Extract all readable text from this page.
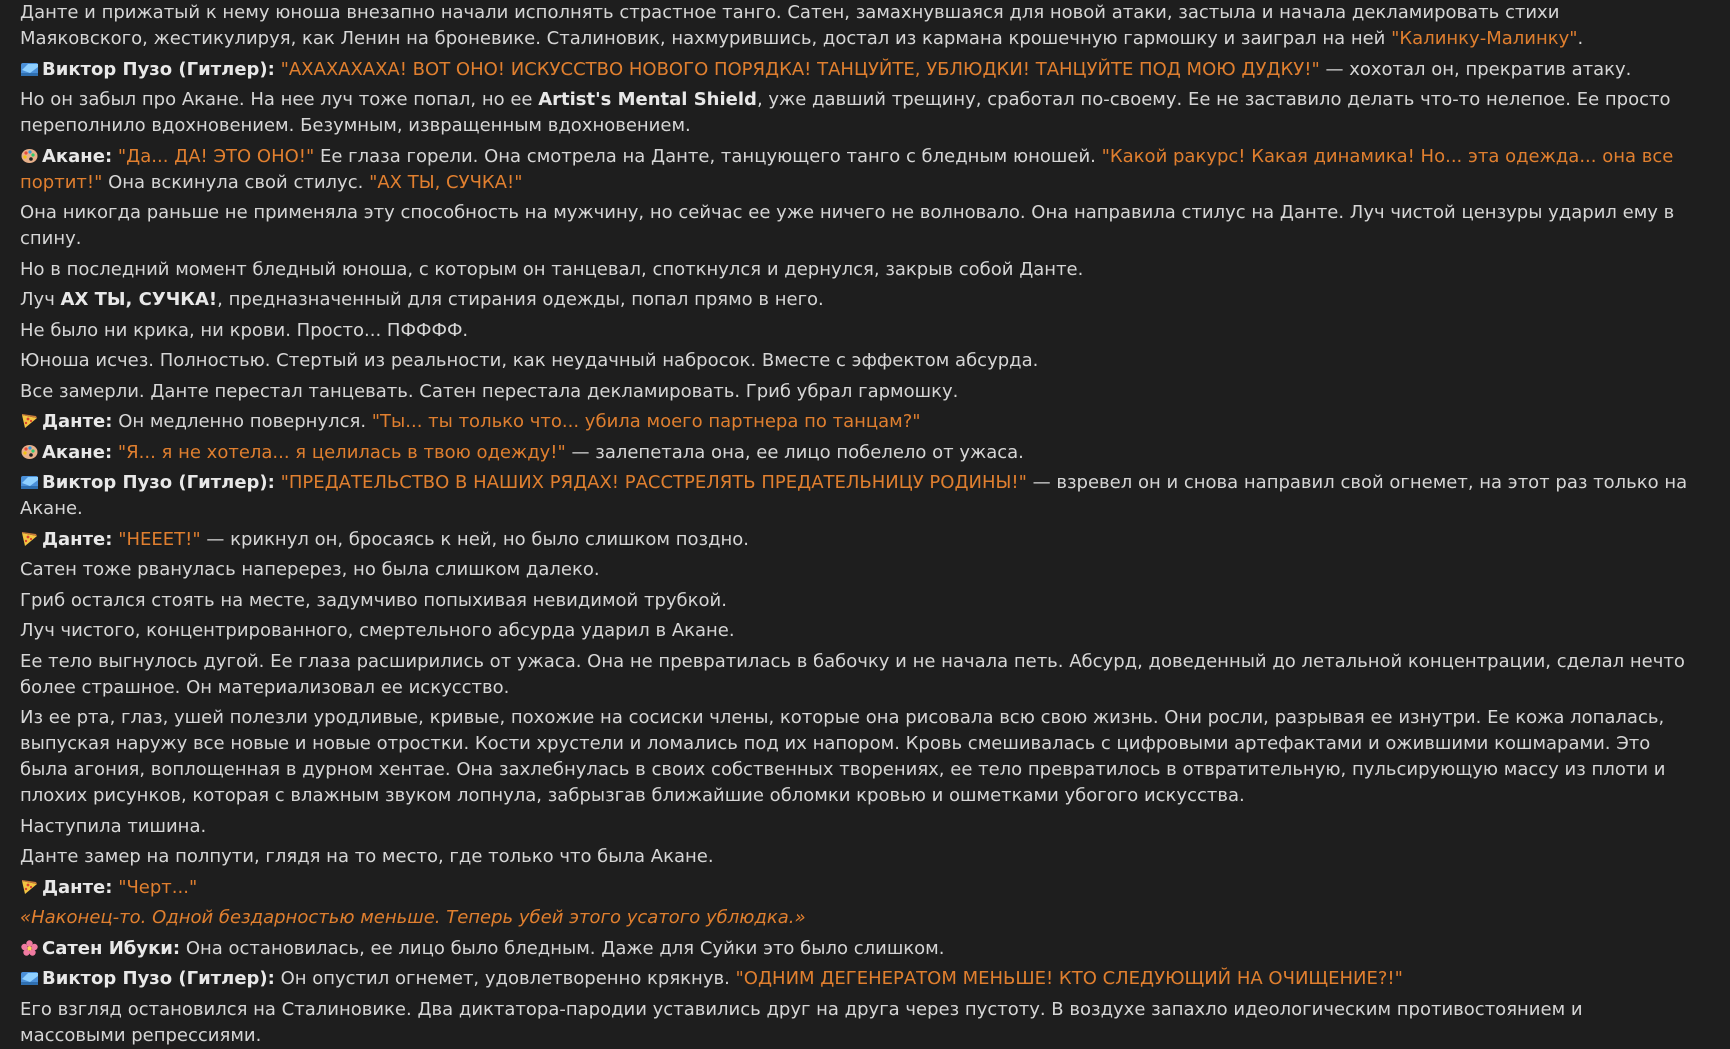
Данте и прижатый к нему юноша внезапно начали исполнять страстное танго. Сатен, замахнувшаяся для новой атаки, застыла и начала декламировать стихи Маяковского, жестикулируя, как Ленин на броневике. Сталиновик, нахмурившись, достал из кармана крошечную гармошку и заиграл на ней "Калинку-Малинку".
Виктор Пузо (Гитлер): "АХАХАХАХА! ВОТ ОНО! ИСКУССТВО НОВОГО ПОРЯДКА! ТАНЦУЙТЕ, УБЛЮДКИ! ТАНЦУЙТЕ ПОД МОЮ ДУДКУ!" — хохотал он, прекратив атаку.
Но он забыл про Акане. На нее луч тоже попал, но ее Artist's Mental Shield, уже давший трещину, сработал по-своему. Ее не заставило делать что-то нелепое. Ее просто переполнило вдохновением. Безумным, извращенным вдохновением.
Акане: "Да... ДА! ЭТО ОНО!" Ее глаза горели. Она смотрела на Данте, танцующего танго с бледным юношей. "Какой ракурс! Какая динамика! Но... эта одежда... она все портит!" Она вскинула свой стилус. "АХ ТЫ, СУЧКА!"
Она никогда раньше не применяла эту способность на мужчину, но сейчас ее уже ничего не волновало. Она направила стилус на Данте. Луч чистой цензуры ударил ему в спину.
Но в последний момент бледный юноша, с которым он танцевал, споткнулся и дернулся, закрыв собой Данте.
Луч АХ ТЫ, СУЧКА!, предназначенный для стирания одежды, попал прямо в него.
Не было ни крика, ни крови. Просто... ПФФФФ.
Юноша исчез. Полностью. Стертый из реальности, как неудачный набросок. Вместе с эффектом абсурда.
Все замерли. Данте перестал танцевать. Сатен перестала декламировать. Гриб убрал гармошку.
Данте: Он медленно повернулся. "Ты... ты только что... убила моего партнера по танцам?"
Акане: "Я... я не хотела... я целилась в твою одежду!" — залепетала она, ее лицо побелело от ужаса.
Виктор Пузо (Гитлер): "ПРЕДАТЕЛЬСТВО В НАШИХ РЯДАХ! РАССТРЕЛЯТЬ ПРЕДАТЕЛЬНИЦУ РОДИНЫ!" — взревел он и снова направил свой огнемет, на этот раз только на Акане.
Данте: "НЕЕЕТ!" — крикнул он, бросаясь к ней, но было слишком поздно.
Сатен тоже рванулась наперерез, но была слишком далеко.
Гриб остался стоять на месте, задумчиво попыхивая невидимой трубкой.
Луч чистого, концентрированного, смертельного абсурда ударил в Акане.
Ее тело выгнулось дугой. Ее глаза расширились от ужаса. Она не превратилась в бабочку и не начала петь. Абсурд, доведенный до летальной концентрации, сделал нечто более страшное. Он материализовал ее искусство.
Из ее рта, глаз, ушей полезли уродливые, кривые, похожие на сосиски члены, которые она рисовала всю свою жизнь. Они росли, разрывая ее изнутри. Ее кожа лопалась, выпуская наружу все новые и новые отростки. Кости хрустели и ломались под их напором. Кровь смешивалась с цифровыми артефактами и ожившими кошмарами. Это была агония, воплощенная в дурном хентае. Она захлебнулась в своих собственных творениях, ее тело превратилось в отвратительную, пульсирующую массу из плоти и плохих рисунков, которая с влажным звуком лопнула, забрызгав ближайшие обломки кровью и ошметками убогого искусства.
Наступила тишина.
Данте замер на полпути, глядя на то место, где только что была Акане.
Данте: "Черт..."
«Наконец-то. Одной бездарностью меньше. Теперь убей этого усатого ублюдка.»
Сатен Ибуки: Она остановилась, ее лицо было бледным. Даже для Суйки это было слишком.
Виктор Пузо (Гитлер): Он опустил огнемет, удовлетворенно крякнув. "ОДНИМ ДЕГЕНЕРАТОМ МЕНЬШЕ! КТО СЛЕДУЮЩИЙ НА ОЧИЩЕНИЕ?!"
Его взгляд остановился на Сталиновике. Два диктатора-пародии уставились друг на друга через пустоту. В воздухе запахло идеологическим противостоянием и массовыми репрессиями.
